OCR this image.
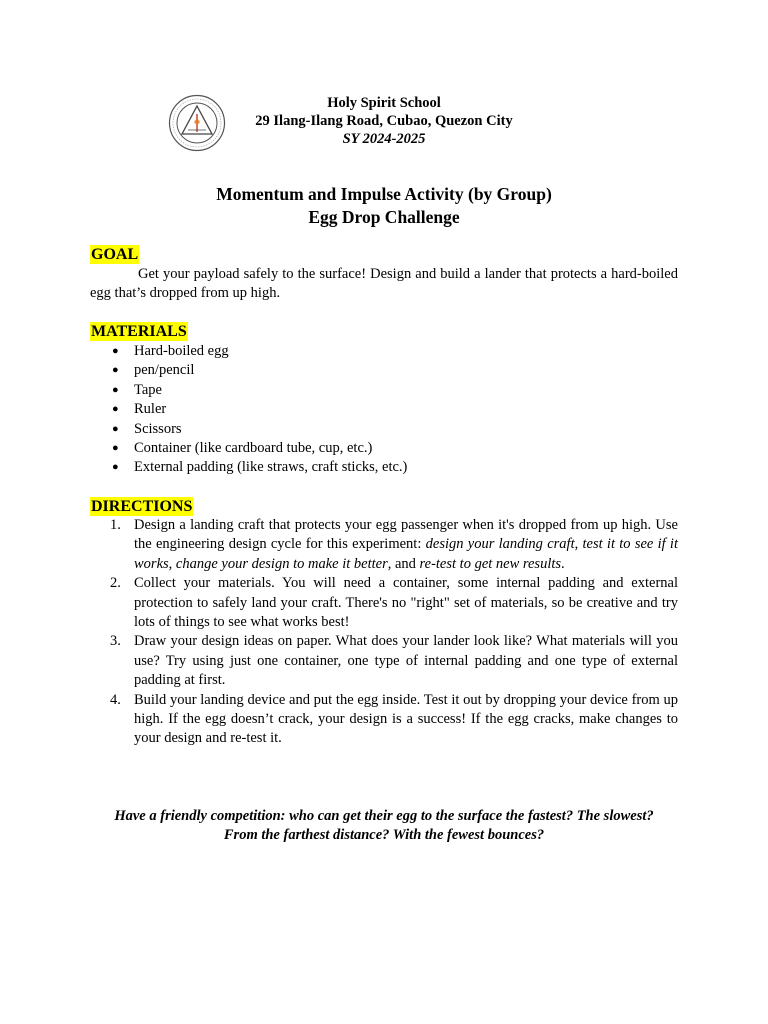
Holy Spirit School
29 Ilang-Ilang Road, Cubao, Quezon City
SY 2024-2025
Momentum and Impulse Activity (by Group)
Egg Drop Challenge
GOAL

Get your payload safely to the surface! Design and build a lander that protects a hard-boiled egg that’s dropped from up high.

MATERIALS
● Hard-boiled egg
● pen/pencil
● Tape
● Ruler
● Scissors
● Container (like cardboard tube, cup, etc.)
● External padding (like straws, craft sticks, etc.)
DIRECTIONS
1. Design a landing craft that protects your egg passenger when it's dropped from up high. Use the engineering design cycle for this experiment: design your landing craft, test it to see if it works, change your design to make it better, and re-test to get new results.
2. Collect your materials. You will need a container, some internal padding and external protection to safely land your craft. There's no "right" set of materials, so be creative and try lots of things to see what works best!
3. Draw your design ideas on paper. What does your lander look like? What materials will you use? Try using just one container, one type of internal padding and one type of external padding at first.
4. Build your landing device and put the egg inside. Test it out by dropping your device from up high. If the egg doesn’t crack, your design is a success! If the egg cracks, make changes to your design and re-test it.
Have a friendly competition: who can get their egg to the surface the fastest? The slowest? From the farthest distance? With the fewest bounces?
